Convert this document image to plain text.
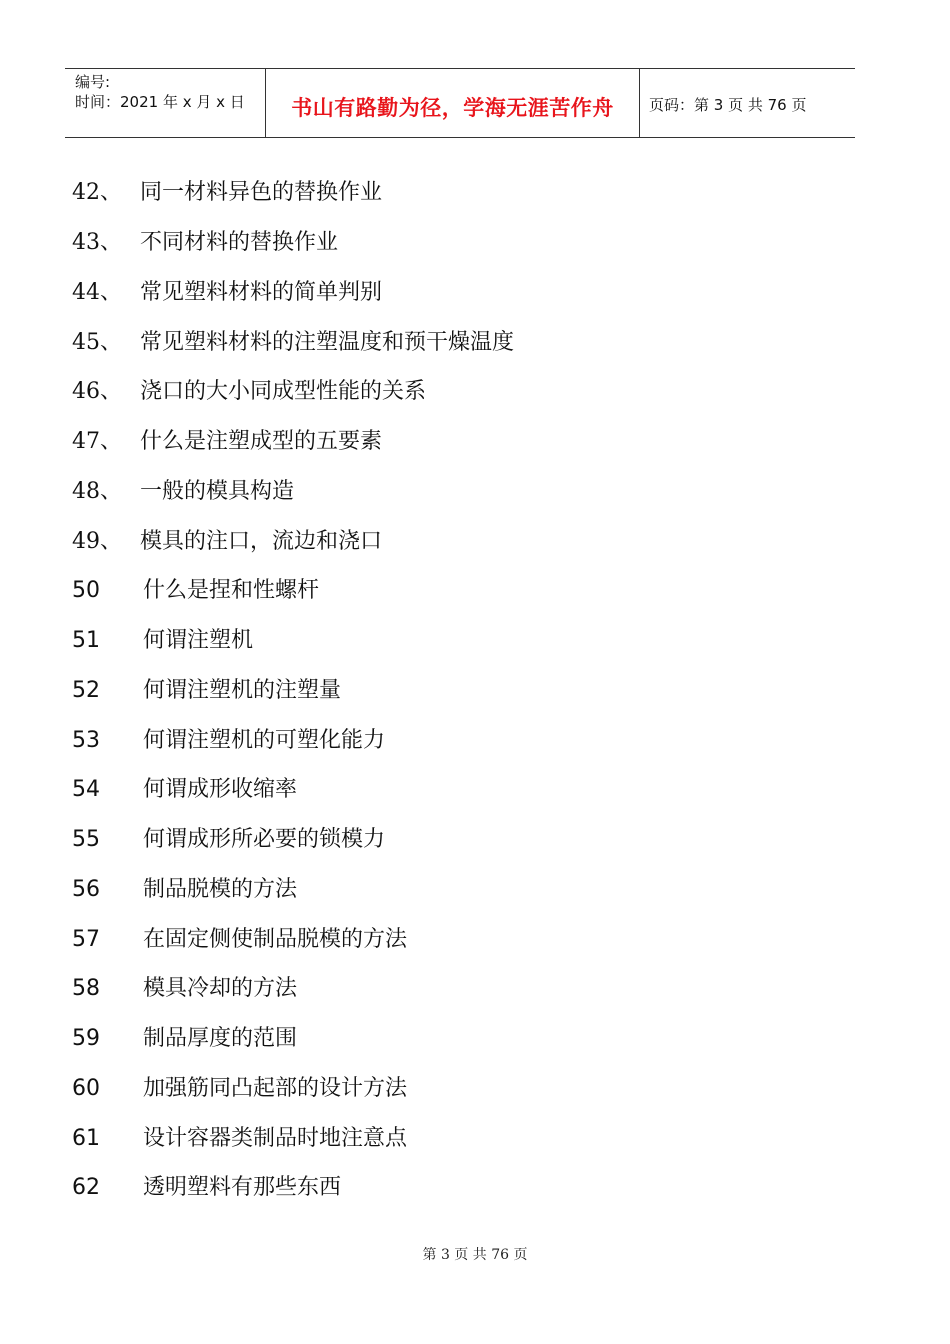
编号:
时间：2021 年 x 月 x 日	书山有路勤为径，学海无涯苦作舟	页码：第 3 页 共 76 页
42、 同一材料异色的替换作业
43、 不同材料的替换作业
44、 常见塑料材料的简单判别
45、 常见塑料材料的注塑温度和预干燥温度
46、 浇口的大小同成型性能的关系
47、 什么是注塑成型的五要素
48、 一般的模具构造
49、 模具的注口，流边和浇口
50 什么是捏和性螺杆
51 何谓注塑机
52 何谓注塑机的注塑量
53 何谓注塑机的可塑化能力
54 何谓成形收缩率
55 何谓成形所必要的锁模力
56 制品脱模的方法
57 在固定侧使制品脱模的方法
58 模具冷却的方法
59 制品厚度的范围
60 加强筋同凸起部的设计方法
61 设计容器类制品时地注意点
62 透明塑料有那些东西
第 3 页 共 76 页
